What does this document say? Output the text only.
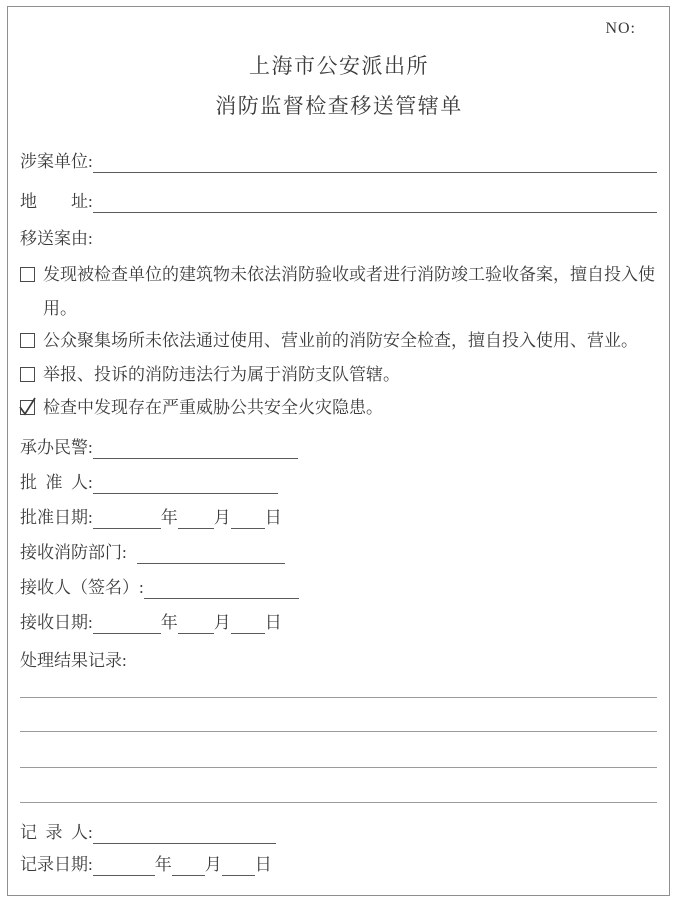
NO:
上海市公安派出所
消防监督检查移送管辖单
涉案单位:
地　　址:
移送案由:
发现被检查单位的建筑物未依法消防验收或者进行消防竣工验收备案，擅自投入使用。
公众聚集场所未依法通过使用、营业前的消防安全检查，擅自投入使用、营业。
举报、投诉的消防违法行为属于消防支队管辖。
检查中发现存在严重威胁公共安全火灾隐患。
承办民警:
批 准 人:
批准日期:	年 月 日
接收消防部门:
接收人（签名）:
接收日期:	年 月 日
处理结果记录:
记 录 人:
记录日期:	年 月 日
